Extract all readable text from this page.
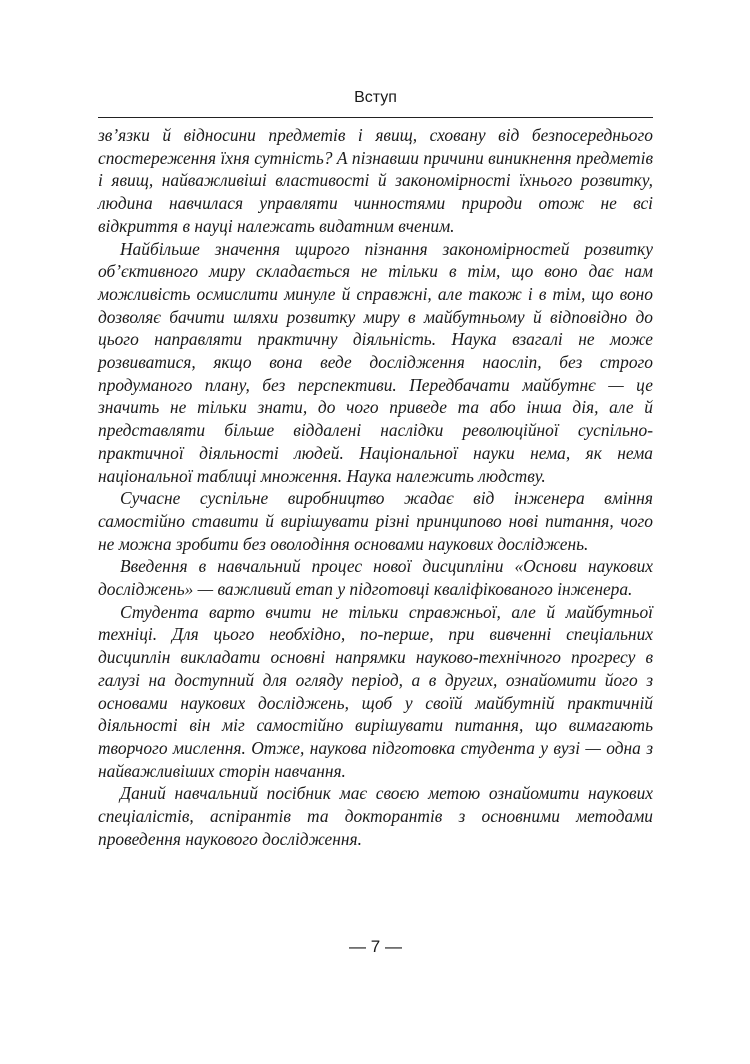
Вступ

зв’язки й відносини предметів і явищ, сховану від безпосереднього спостереження їхня сутність? А пізнавши причини виникнення предметів і явищ, найважливіші властивості й закономірності їхнього розвитку, людина навчилася управляти чинностями природи отож не всі відкриття в науці належать видатним вченим.

Найбільше значення щирого пізнання закономірностей розвитку об’єктивного миру складається не тільки в тім, що воно дає нам можливість осмислити минуле й справжні, але також і в тім, що воно дозволяє бачити шляхи розвитку миру в майбутньому й відповідно до цього направляти практичну діяльність. Наука взагалі не може розвиватися, якщо вона веде дослідження наосліп, без строго продуманого плану, без перспективи. Передбачати майбутнє — це значить не тільки знати, до чого приведе та або інша дія, але й представляти більше віддалені наслідки революційної суспільно-практичної діяльності людей. Національної науки нема, як нема національної таблиці множення. Наука належить людству.

Сучасне суспільне виробництво жадає від інженера вміння самостійно ставити й вирішувати різні принципово нові питання, чого не можна зробити без оволодіння основами наукових досліджень.

Введення в навчальний процес нової дисципліни «Основи наукових досліджень» — важливий етап у підготовці кваліфікованого інженера.

Студента варто вчити не тільки справжньої, але й майбутньої техніці. Для цього необхідно, по-перше, при вивченні спеціальних дисциплін викладати основні напрямки науково-технічного прогресу в галузі на доступний для огляду період, а в других, ознайомити його з основами наукових досліджень, щоб у своїй майбутній практичній діяльності він міг самостійно вирішувати питання, що вимагають творчого мислення. Отже, наукова підготовка студента у вузі — одна з найважливіших сторін навчання.

Даний навчальний посібник має своєю метою ознайомити наукових спеціалістів, аспірантів та докторантів з основними методами проведення наукового дослідження.

— 7 —
